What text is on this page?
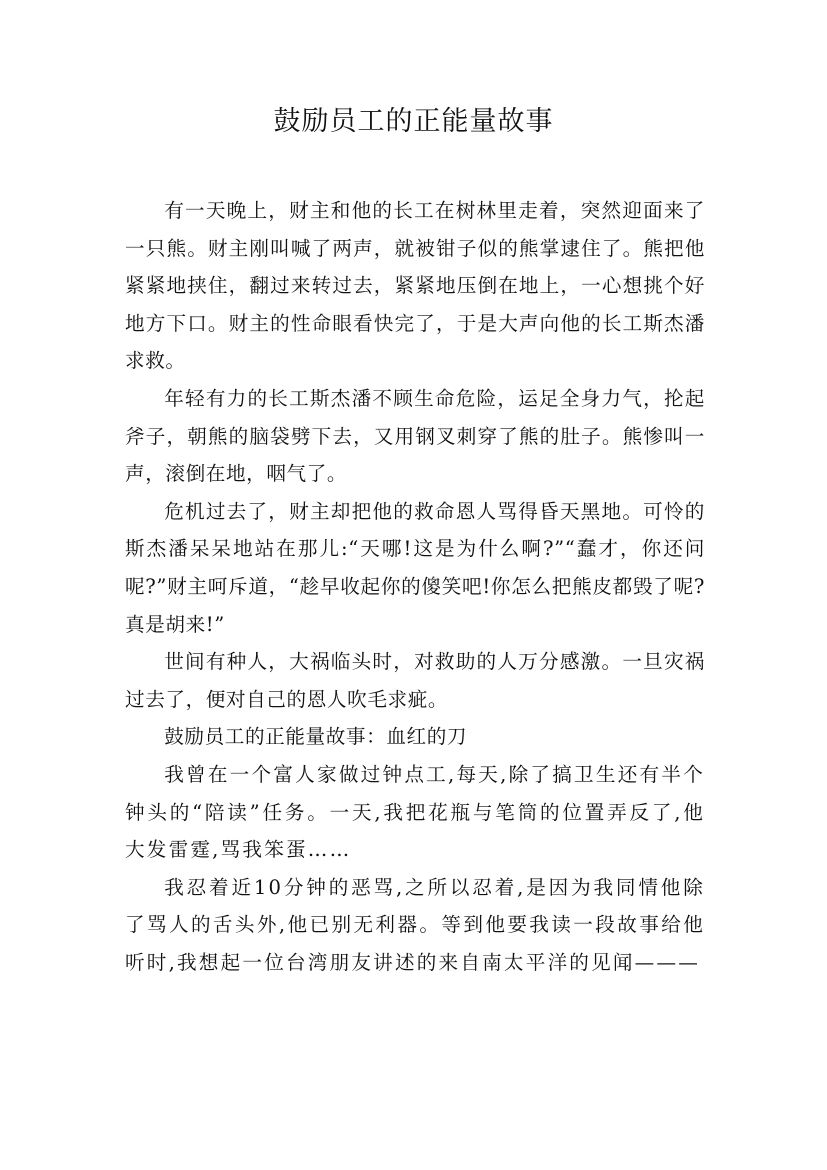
鼓励员工的正能量故事

有一天晚上，财主和他的长工在树林里走着，突然迎面来了一只熊。财主刚叫喊了两声，就被钳子似的熊掌逮住了。熊把他紧紧地挟住，翻过来转过去，紧紧地压倒在地上，一心想挑个好地方下口。财主的性命眼看快完了，于是大声向他的长工斯杰潘求救。

年轻有力的长工斯杰潘不顾生命危险，运足全身力气，抡起斧子，朝熊的脑袋劈下去，又用钢叉刺穿了熊的肚子。熊惨叫一声，滚倒在地，咽气了。

危机过去了，财主却把他的救命恩人骂得昏天黑地。可怜的斯杰潘呆呆地站在那儿:“天哪!这是为什么啊?”“蠢才，你还问呢?”财主呵斥道，“趁早收起你的傻笑吧!你怎么把熊皮都毁了呢?真是胡来!”

世间有种人，大祸临头时，对救助的人万分感激。一旦灾祸过去了，便对自己的恩人吹毛求疵。

鼓励员工的正能量故事：血红的刀

我曾在一个富人家做过钟点工,每天,除了搞卫生还有半个钟头的“陪读”任务。一天,我把花瓶与笔筒的位置弄反了,他大发雷霆,骂我笨蛋……

我忍着近10分钟的恶骂,之所以忍着,是因为我同情他除了骂人的舌头外,他已别无利器。等到他要我读一段故事给他听时,我想起一位台湾朋友讲述的来自南太平洋的见闻———
